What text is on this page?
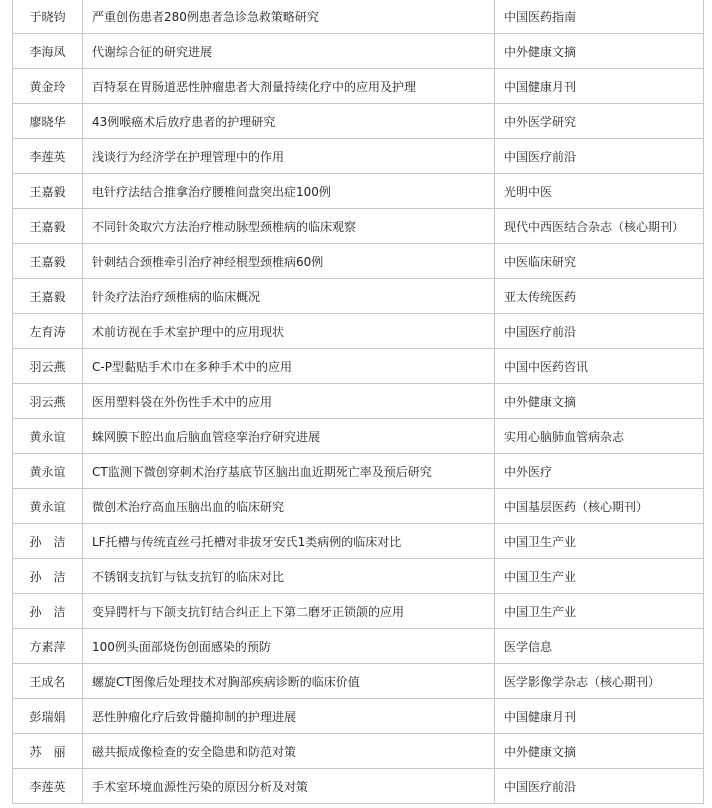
于晓钧	严重创伤患者280例患者急诊急救策略研究	中国医药指南
李海凤	代谢综合征的研究进展	中外健康文摘
黄金玲	百特泵在胃肠道恶性肿瘤患者大剂量持续化疗中的应用及护理	中国健康月刊
廖晓华	43例喉癌术后放疗患者的护理研究	中外医学研究
李莲英	浅谈行为经济学在护理管理中的作用	中国医疗前沿
王嘉毅	电针疗法结合推拿治疗腰椎间盘突出症100例	光明中医
王嘉毅	不同针灸取穴方法治疗椎动脉型颈椎病的临床观察	现代中西医结合杂志（核心期刊）
王嘉毅	针刺结合颈椎牵引治疗神经根型颈椎病60例	中医临床研究
王嘉毅	针灸疗法治疗颈椎病的临床概况	亚太传统医药
左育涛	术前访视在手术室护理中的应用现状	中国医疗前沿
羽云燕	C-P型黏贴手术巾在多种手术中的应用	中国中医药咨讯
羽云燕	医用塑料袋在外伤性手术中的应用	中外健康文摘
黄永谊	蛛网膜下腔出血后脑血管痉挛治疗研究进展	实用心脑肺血管病杂志
黄永谊	CT监测下微创穿刺术治疗基底节区脑出血近期死亡率及预后研究	中外医疗
黄永谊	微创术治疗高血压脑出血的临床研究	中国基层医药（核心期刊）
孙　洁	LF托槽与传统直丝弓托槽对非拔牙安氏1类病例的临床对比	中国卫生产业
孙　洁	不锈钢支抗钉与钛支抗钉的临床对比	中国卫生产业
孙　洁	变异腭杆与下颌支抗钉结合纠正上下第二磨牙正锁颌的应用	中国卫生产业
方素萍	100例头面部烧伤创面感染的预防	医学信息
王成名	螺旋CT图像后处理技术对胸部疾病诊断的临床价值	医学影像学杂志（核心期刊）
彭瑞娟	恶性肿瘤化疗后致骨髓抑制的护理进展	中国健康月刊
苏　丽	磁共振成像检查的安全隐患和防范对策	中外健康文摘
李莲英	手术室环境血源性污染的原因分析及对策	中国医疗前沿
